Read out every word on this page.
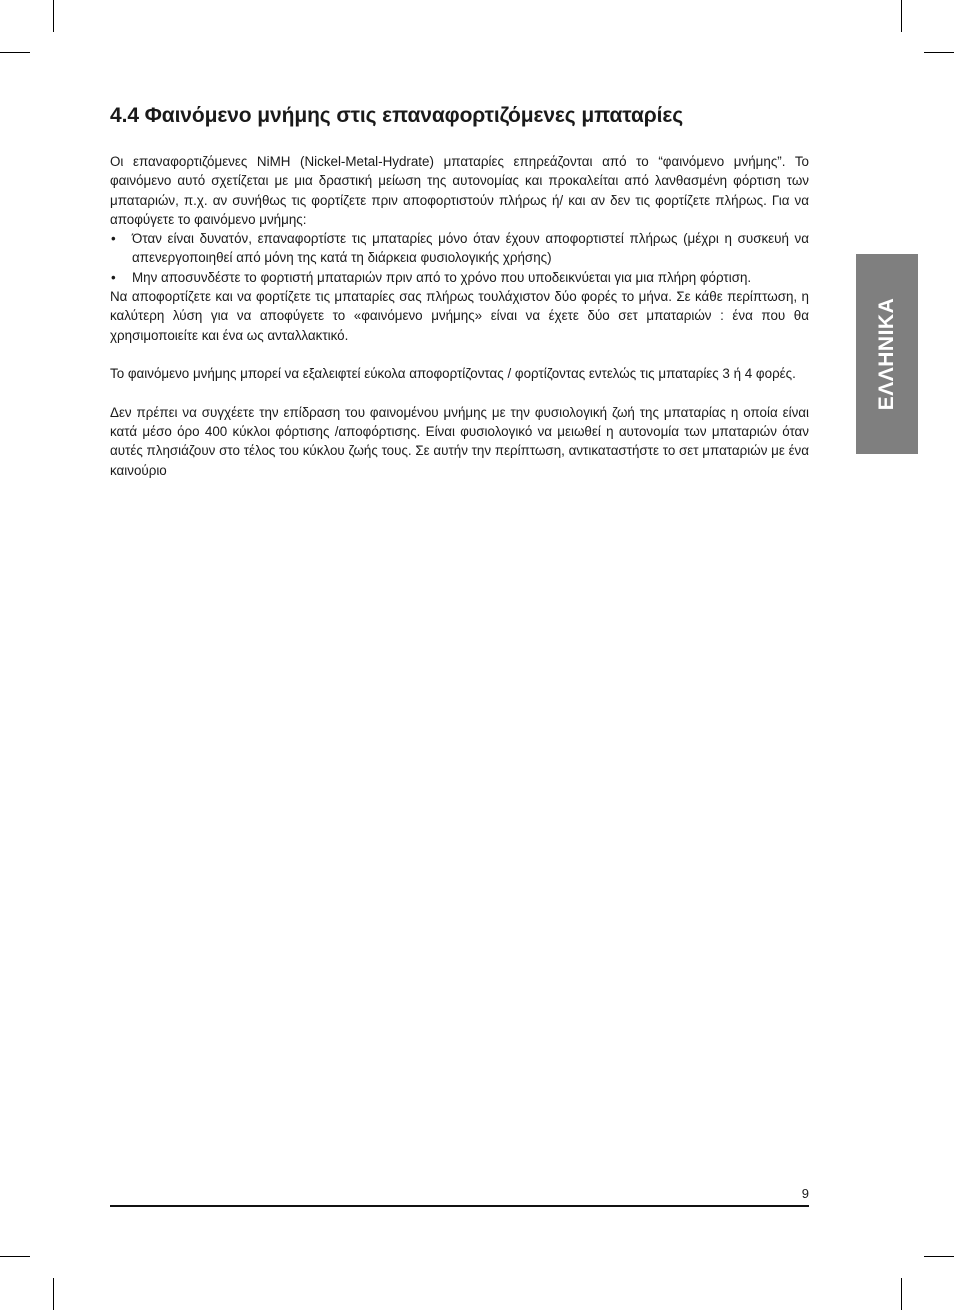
4.4 Φαινόμενο μνήμης στις επαναφορτιζόμενες μπαταρίες

Οι επαναφορτιζόμενες NiMH (Nickel-Metal-Hydrate) μπαταρίες επηρεάζονται από το “φαινόμενο μνήμης”. Το φαινόμενο αυτό σχετίζεται με μια δραστική μείωση της αυτονομίας και προκαλείται από λανθασμένη φόρτιση των μπαταριών, π.χ. αν συνήθως τις φορτίζετε πριν αποφορτιστούν πλήρως ή/ και αν δεν τις φορτίζετε πλήρως. Για να αποφύγετε το φαινόμενο μνήμης:

• Όταν είναι δυνατόν, επαναφορτίστε τις μπαταρίες μόνο όταν έχουν αποφορτιστεί πλήρως (μέχρι η συσκευή να απενεργοποιηθεί από μόνη της κατά τη διάρκεια φυσιολογικής χρήσης)
• Μην αποσυνδέστε το φορτιστή μπαταριών πριν από το χρόνο που υποδεικνύεται για μια πλήρη φόρτιση.

Να αποφορτίζετε και να φορτίζετε τις μπαταρίες σας πλήρως τουλάχιστον δύο φορές το μήνα. Σε κάθε περίπτωση, η καλύτερη λύση για να αποφύγετε το «φαινόμενο μνήμης» είναι να έχετε δύο σετ μπαταριών : ένα που θα χρησιμοποιείτε και ένα ως ανταλλακτικό.

Το φαινόμενο μνήμης μπορεί να εξαλειφτεί εύκολα αποφορτίζοντας / φορτίζοντας εντελώς τις μπαταρίες 3 ή 4 φορές.

Δεν πρέπει να συγχέετε την επίδραση του φαινομένου μνήμης με την φυσιολογική ζωή της μπαταρίας η οποία είναι κατά μέσο όρο 400 κύκλοι φόρτισης /αποφόρτισης. Είναι φυσιολογικό να μειωθεί η αυτονομία των μπαταριών όταν αυτές πλησιάζουν στο τέλος του κύκλου ζωής τους. Σε αυτήν την περίπτωση, αντικαταστήστε το σετ μπαταριών με ένα καινούριο

ΕΛΛΗΝΙΚΑ
9
